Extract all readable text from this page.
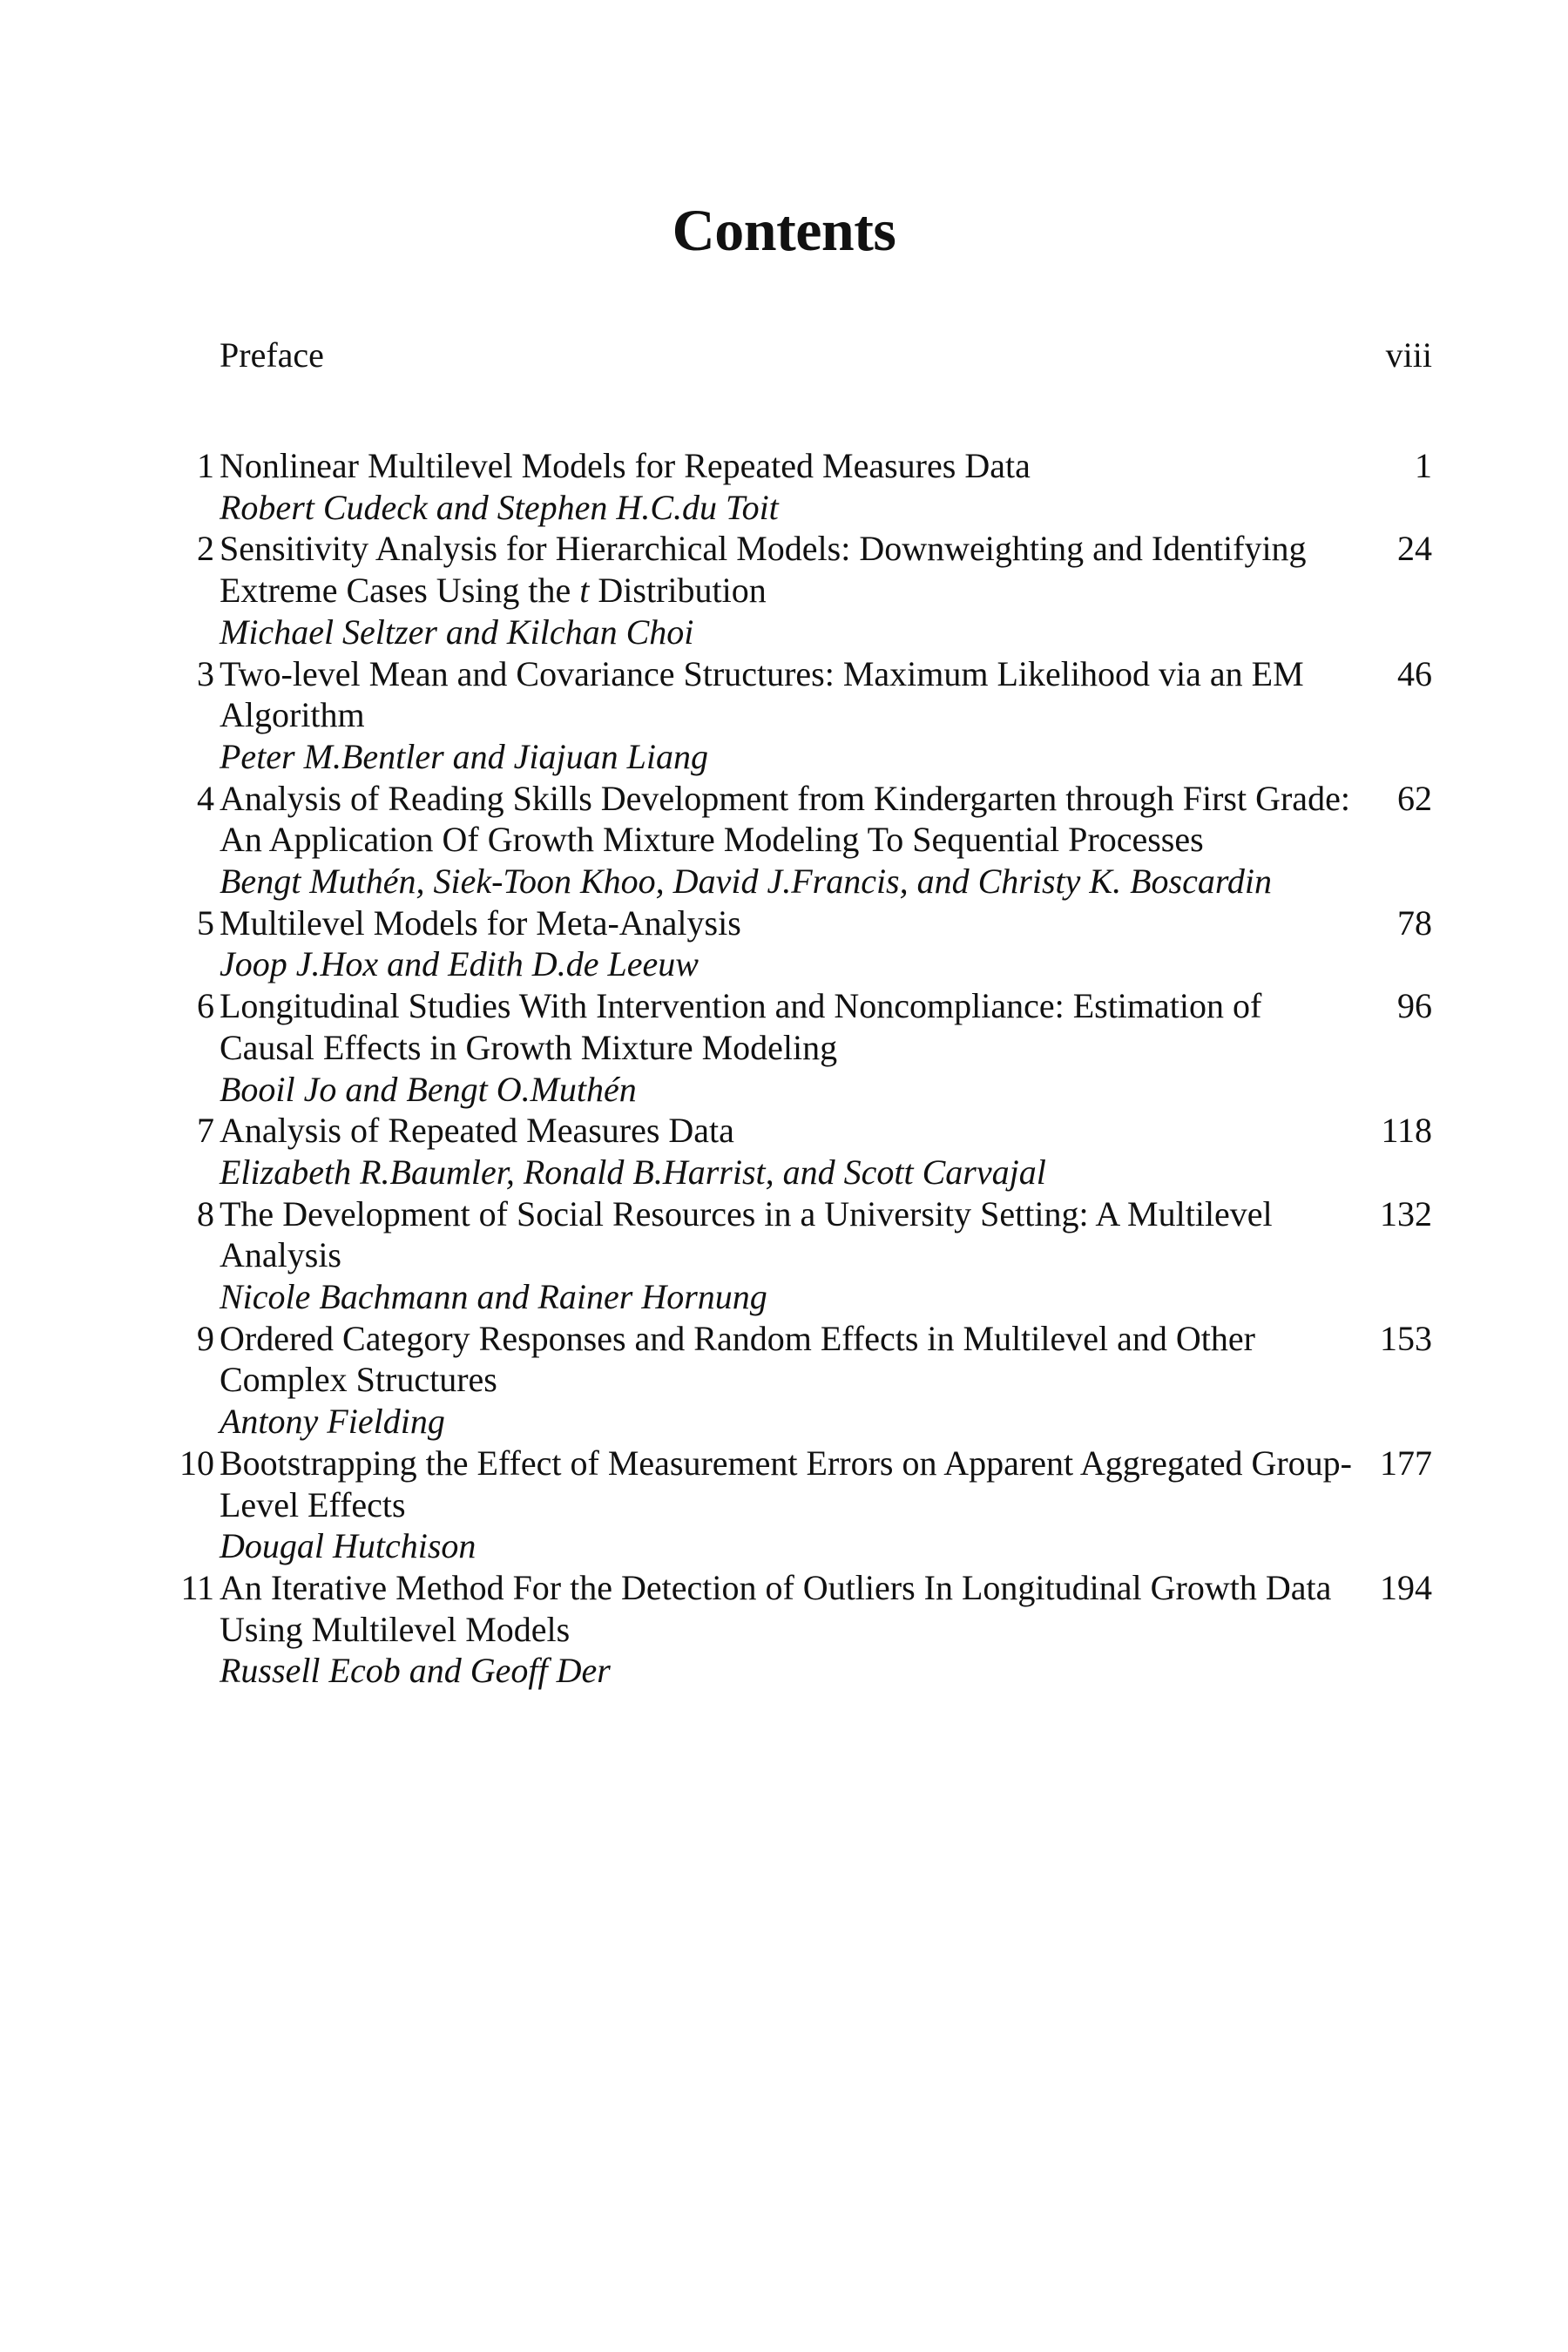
Contents
Preface	viii
1 Nonlinear Multilevel Models for Repeated Measures Data
Robert Cudeck and Stephen H.C.du Toit
1
2 Sensitivity Analysis for Hierarchical Models: Downweighting and Identifying Extreme Cases Using the t Distribution
Michael Seltzer and Kilchan Choi
24
3 Two-level Mean and Covariance Structures: Maximum Likelihood via an EM Algorithm
Peter M.Bentler and Jiajuan Liang
46
4 Analysis of Reading Skills Development from Kindergarten through First Grade: An Application Of Growth Mixture Modeling To Sequential Processes
Bengt Muthén, Siek-Toon Khoo, David J.Francis, and Christy K. Boscardin
62
5 Multilevel Models for Meta-Analysis
Joop J.Hox and Edith D.de Leeuw
78
6 Longitudinal Studies With Intervention and Noncompliance: Estimation of Causal Effects in Growth Mixture Modeling
Booil Jo and Bengt O.Muthén
96
7 Analysis of Repeated Measures Data
Elizabeth R.Baumler, Ronald B.Harrist, and Scott Carvajal
118
8 The Development of Social Resources in a University Setting: A Multilevel Analysis
Nicole Bachmann and Rainer Hornung
132
9 Ordered Category Responses and Random Effects in Multilevel and Other Complex Structures
Antony Fielding
153
10 Bootstrapping the Effect of Measurement Errors on Apparent Aggregated Group-Level Effects
Dougal Hutchison
177
11 An Iterative Method For the Detection of Outliers In Longitudinal Growth Data Using Multilevel Models
Russell Ecob and Geoff Der
194
